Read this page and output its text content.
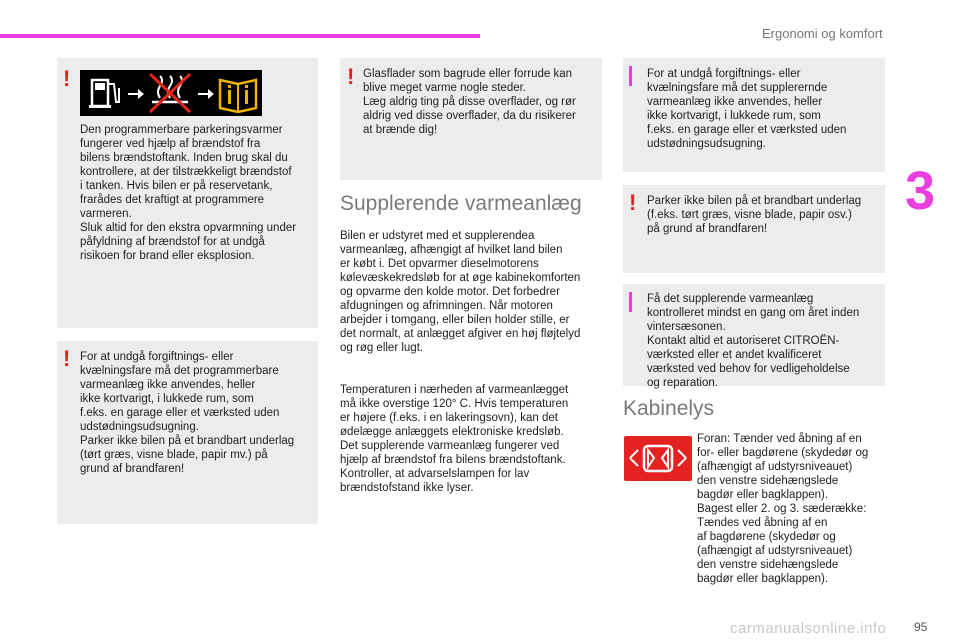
Ergonomi og komfort
3
!
Den programmerbare parkeringsvarmer
fungerer ved hjælp af brændstof fra
bilens brændstoftank. Inden brug skal du
kontrollere, at der tilstrækkeligt brændstof
i tanken. Hvis bilen er på reservetank,
frarådes det kraftigt at programmere
varmeren.
Sluk altid for den ekstra opvarmning under
påfyldning af brændstof for at undgå
risikoen for brand eller eksplosion.
! For at undgå forgiftnings- eller
kvælningsfare må det programmerbare
varmeanlæg ikke anvendes, heller
ikke kortvarigt, i lukkede rum, som
f.eks. en garage eller et værksted uden
udstødningsudsugning.
Parker ikke bilen på et brandbart underlag
(tørt græs, visne blade, papir mv.) på
grund af brandfaren!
! Glasflader som bagrude eller forrude kan
blive meget varme nogle steder.
Læg aldrig ting på disse overflader, og rør
aldrig ved disse overflader, da du risikerer
at brænde dig!
Supplerende varmeanlæg
Bilen er udstyret med et supplerendea
varmeanlæg, afhængigt af hvilket land bilen
er købt i. Det opvarmer dieselmotorens
kølevæskekredsløb for at øge kabinekomforten
og opvarme den kolde motor. Det forbedrer
afdugningen og afrimningen. Når motoren
arbejder i tomgang, eller bilen holder stille, er
det normalt, at anlægget afgiver en høj fløjtelyd
og røg eller lugt.
Temperaturen i nærheden af varmeanlægget
må ikke overstige 120° C. Hvis temperaturen
er højere (f.eks. i en lakeringsovn), kan det
ødelægge anlæggets elektroniske kredsløb.
Det supplerende varmeanlæg fungerer ved
hjælp af brændstof fra bilens brændstoftank.
Kontroller, at advarselslampen for lav
brændstofstand ikke lyser.
For at undgå forgiftnings- eller
kvælningsfare må det supplerernde
varmeanlæg ikke anvendes, heller
ikke kortvarigt, i lukkede rum, som
f.eks. en garage eller et værksted uden
udstødningsudsugning.
! Parker ikke bilen på et brandbart underlag
(f.eks. tørt græs, visne blade, papir osv.)
på grund af brandfaren!
Få det supplerende varmeanlæg
kontrolleret mindst en gang om året inden
vintersæsonen.
Kontakt altid et autoriseret CITROËN-
værksted eller et andet kvalificeret
værksted ved behov for vedligeholdelse
og reparation.
Kabinelys
Foran: Tænder ved åbning af en
for- eller bagdørene (skydedør og
(afhængigt af udstyrsniveauet)
den venstre sidehængslede
bagdør eller bagklappen).
Bagest eller 2. og 3. sæderække:
Tændes ved åbning af en
af bagdørene (skydedør og
(afhængigt af udstyrsniveauet)
den venstre sidehængslede
bagdør eller bagklappen).
carmanualsonline.info 95
